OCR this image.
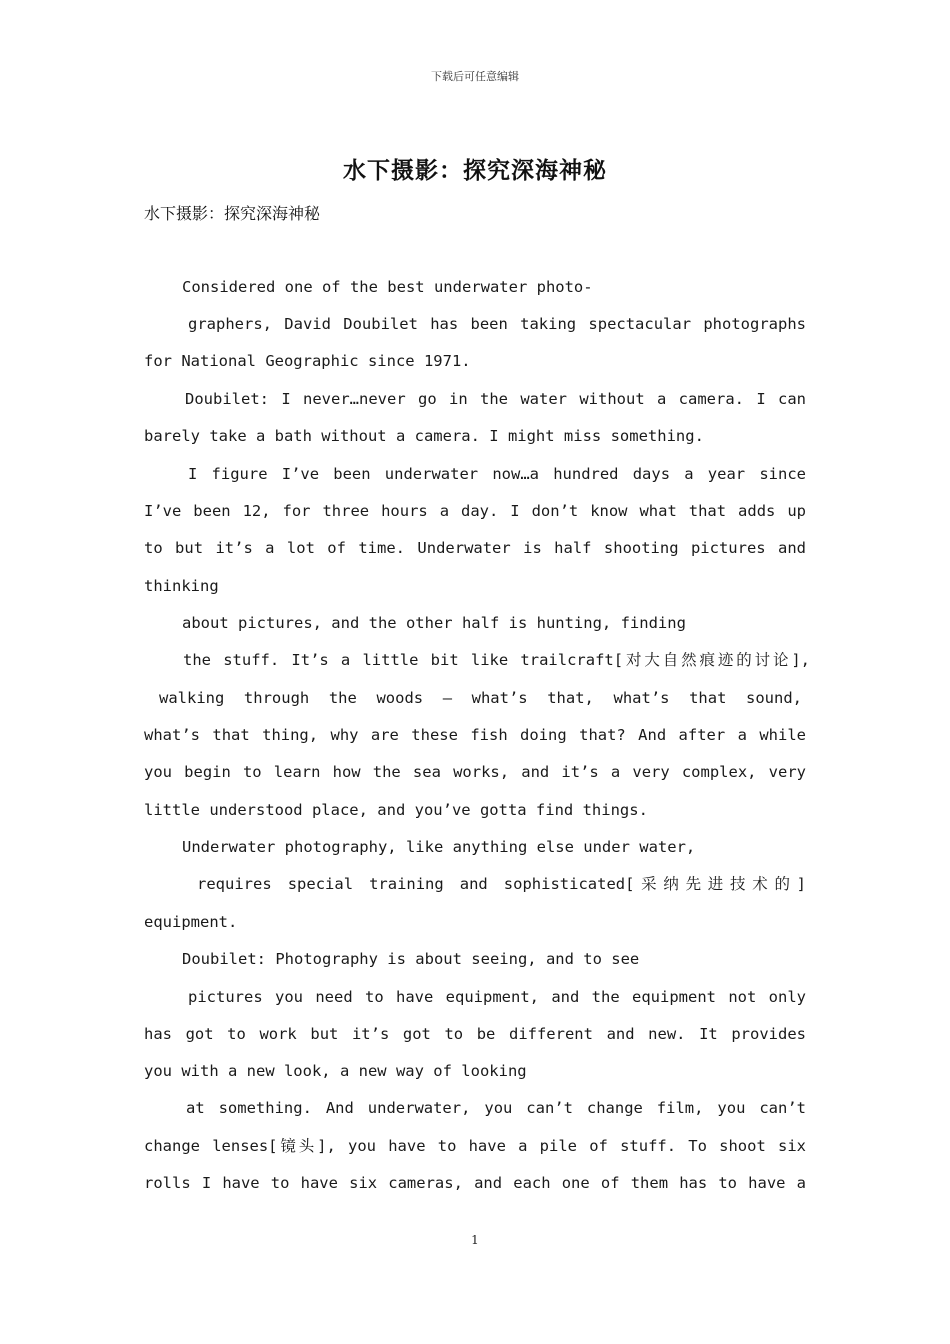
下载后可任意编辑
水下摄影：探究深海神秘
水下摄影：探究深海神秘
Considered one of the best underwater photo-
graphers, David Doubilet has been taking spectacular photographs
for National Geographic since 1971.
Doubilet: I never…never go in the water without a camera. I can
barely take a bath without a camera. I might miss something.
I figure I’ve been underwater now…a hundred days a year since
I’ve been 12, for three hours a day. I don’t know what that adds up
to but it’s a lot of time. Underwater is half shooting pictures and
thinking
about pictures, and the other half is hunting, finding
the stuff. It’s a little bit like trailcraft[对大自然痕迹的讨论],
walking through the woods – what’s that, what’s that sound,
what’s that thing, why are these fish doing that? And after a while
you begin to learn how the sea works, and it’s a very complex, very
little understood place, and you’ve gotta find things.
Underwater photography, like anything else under water,
requires special training and sophisticated[采纳先进技术的]
equipment.
Doubilet: Photography is about seeing, and to see
pictures you need to have equipment, and the equipment not only
has got to work but it’s got to be different and new. It provides
you with a new look, a new way of looking
at something. And underwater, you can’t change film, you can’t
change lenses[镜头], you have to have a pile of stuff. To shoot six
rolls I have to have six cameras, and each one of them has to have a
1
